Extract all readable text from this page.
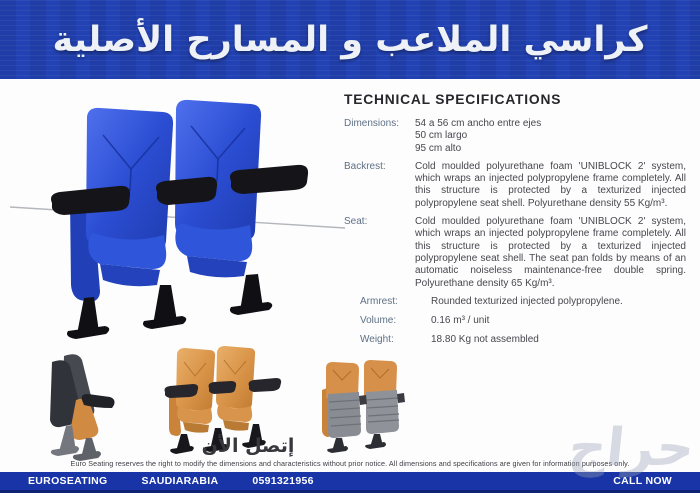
كراسي الملاعب و المسارح الأصلية
TECHNICAL SPECIFICATIONS
Dimensions:	54 a 56 cm ancho entre ejes
50 cm largo
95 cm alto
Backrest:	Cold moulded polyurethane foam 'UNIBLOCK 2' system, which wraps an injected polypropylene frame completely. All this structure is protected by a texturized injected polypropylene seat shell. Polyurethane density 55 Kg/m³.
Seat:	Cold moulded polyurethane foam 'UNIBLOCK 2' system, which wraps an injected polypropylene frame completely. All this structure is protected by a texturized injected polypropylene seat shell. The seat pan folds by means of an automatic noiseless maintenance-free double spring. Polyurethane density 65 Kg/m³.
Armrest:	Rounded texturized injected polypropylene.
Volume:	0.16 m³ / unit
Weight:	18.80 Kg not assembled
إتصل الأن
Euro Seating reserves the right to modify the dimensions and characteristics without prior notice. All dimensions and specifications are given for information purposes only.
حراج
EUROSEATING	SAUDIARABIA	0591321956	CALL NOW
